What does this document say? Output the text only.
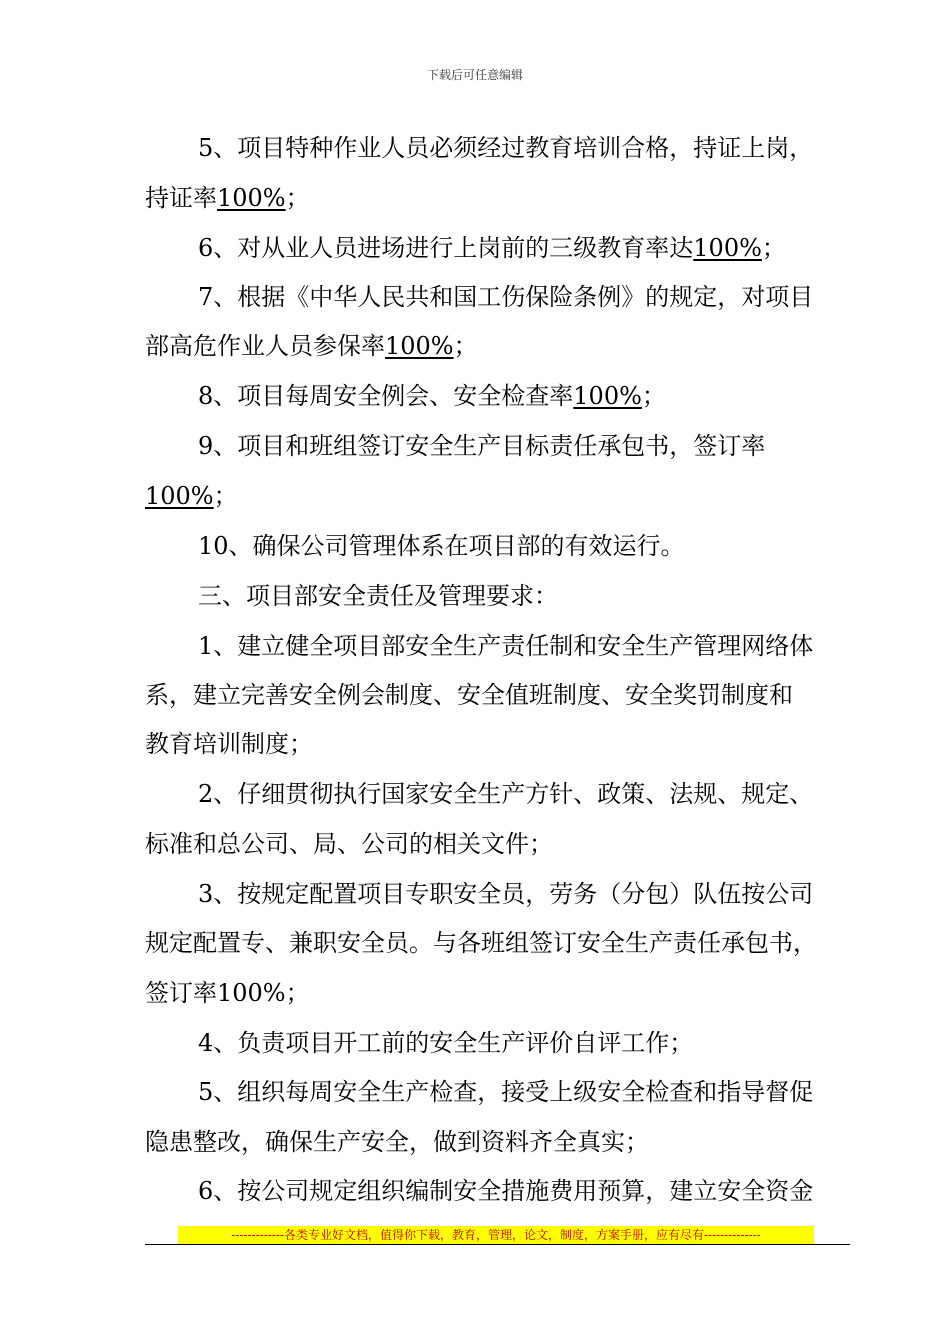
下载后可任意编辑
5、项目特种作业人员必须经过教育培训合格，持证上岗，
持证率100%；
6、对从业人员进场进行上岗前的三级教育率达100%；
7、根据《中华人民共和国工伤保险条例》的规定，对项目
部高危作业人员参保率100%；
8、项目每周安全例会、安全检查率100%；
9、项目和班组签订安全生产目标责任承包书，签订率
100%；
10、确保公司管理体系在项目部的有效运行。
三、项目部安全责任及管理要求：
1、建立健全项目部安全生产责任制和安全生产管理网络体
系，建立完善安全例会制度、安全值班制度、安全奖罚制度和
教育培训制度；
2、仔细贯彻执行国家安全生产方针、政策、法规、规定、
标准和总公司、局、公司的相关文件；
3、按规定配置项目专职安全员，劳务（分包）队伍按公司
规定配置专、兼职安全员。与各班组签订安全生产责任承包书，
签订率100%；
4、负责项目开工前的安全生产评价自评工作；
5、组织每周安全生产检查，接受上级安全检查和指导督促
隐患整改，确保生产安全，做到资料齐全真实；
6、按公司规定组织编制安全措施费用预算，建立安全资金
-------------各类专业好文档，值得你下载，教育，管理，论文，制度，方案手册，应有尽有--------------
